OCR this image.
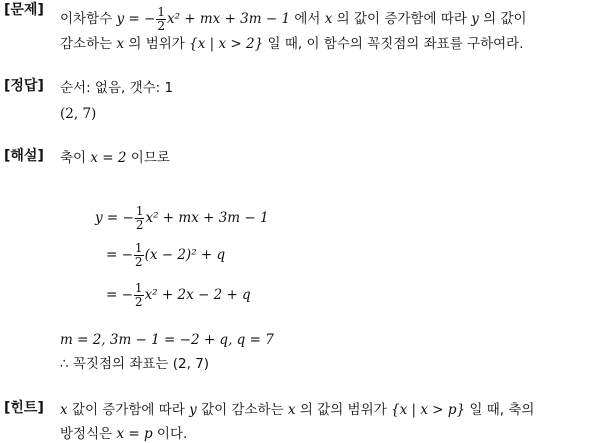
[문제]
이차함수 y = − $\frac{1}{2} x^2$ + mx + 3m − 1 에서 x 의 값이 증가함에 따라 y 의 값이
감소하는 x 의 범위가 {x | x > 2} 일 때, 이 함수의 꼭짓점의 좌표를 구하여라.
[정답] 순서: 없음, 갯수: 1
(2, 7)
[해설] 축이 x = 2 이므로
y = − $\frac{1}{2} x^2$ + mx + 3m − 1
= − $\frac{1}{2} (x - 2)^2 + q$
= − $\frac{1}{2} x^2 + 2x - 2 + q$
m = 2, 3m − 1 = −2 + q, q = 7
∴ 꼭짓점의 좌표는 (2, 7)
[힌트] x 값이 증가함에 따라 y 값이 감소하는 x 의 값의 범위가 {x | x > p} 일 때, 축의
방정식은 x = p 이다.
